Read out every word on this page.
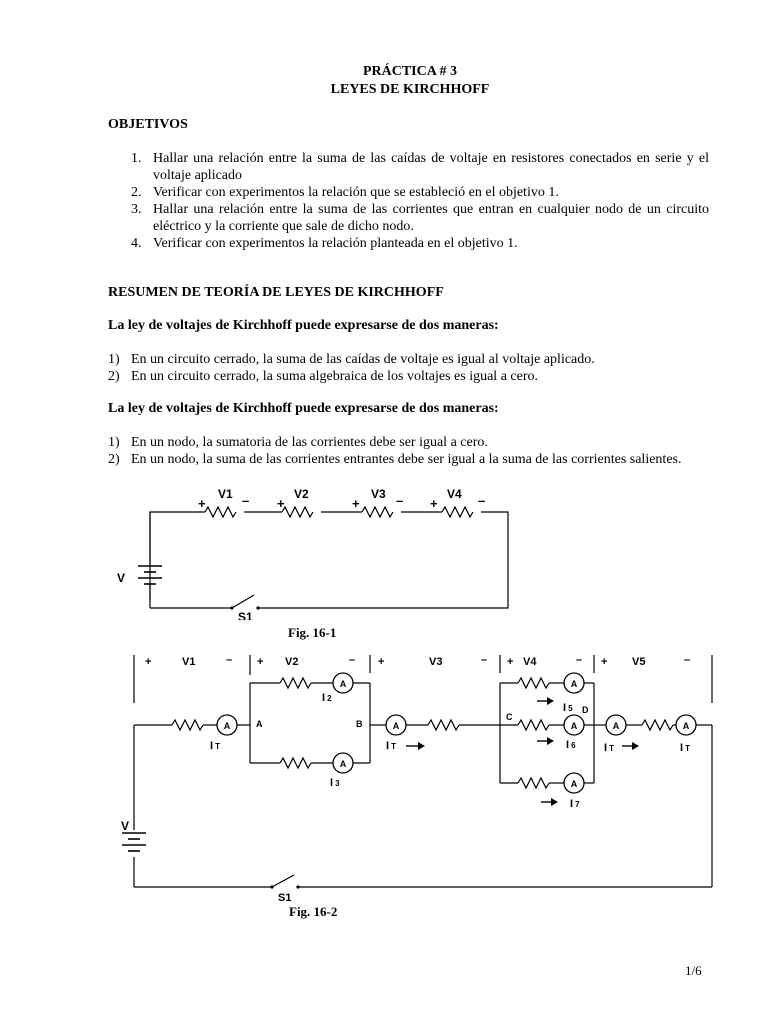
PRÁCTICA # 3
LEYES DE KIRCHHOFF
OBJETIVOS
1. Hallar una relación entre la suma de las caídas de voltaje en resistores conectados en serie y el voltaje aplicado
2. Verificar con experimentos la relación que se estableció en el objetivo 1.
3. Hallar una relación entre la suma de las corrientes que entran en cualquier nodo de un circuito eléctrico y la corriente que sale de dicho nodo.
4. Verificar con experimentos la relación planteada en el objetivo 1.
RESUMEN DE TEORÍA DE LEYES DE KIRCHHOFF
La ley de voltajes de Kirchhoff puede expresarse de dos maneras:
1) En un circuito cerrado, la suma de las caídas de voltaje es igual al voltaje aplicado.
2) En un circuito cerrado, la suma algebraica de los voltajes es igual a cero.
La ley de voltajes de Kirchhoff puede expresarse de dos maneras:
1) En un nodo, la sumatoria de las corrientes debe ser igual a cero.
2) En un nodo, la suma de las corrientes entrantes debe ser igual a la suma de las corrientes salientes.
V
S1
V1	V2	V3	V4
+	– +	+	– +	–
Fig. 16-1
A
A
A
A
A
A
A
A	A
V
S1
+	V1	– + V2	– +	V3	– + V4	– + V5	–
A	B
C
D
I T
I 2
I 3
I T
I 5
I 6
I 7
I T	I T
Fig. 16-2
1/6
